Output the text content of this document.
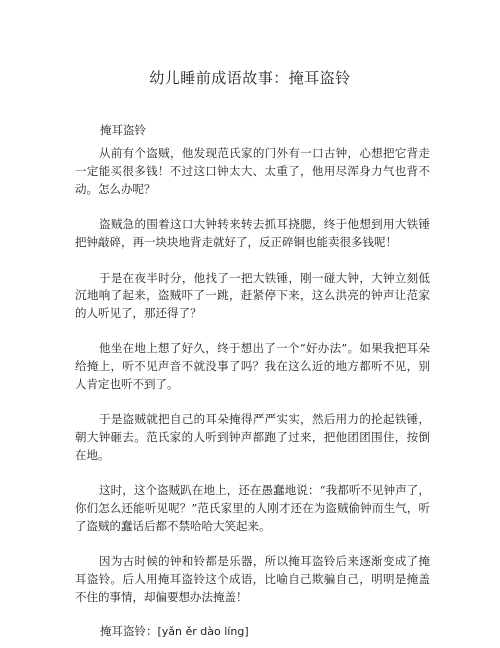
幼儿睡前成语故事：掩耳盗铃
掩耳盗铃

从前有个盗贼，他发现范氏家的门外有一口古钟，心想把它背走一定能买很多钱！不过这口钟太大、太重了，他用尽浑身力气也背不动。怎么办呢？

盗贼急的围着这口大钟转来转去抓耳挠腮，终于他想到用大铁锤把钟敲碎，再一块块地背走就好了，反正碎铜也能卖很多钱呢！

于是在夜半时分，他找了一把大铁锤，刚一碰大钟，大钟立刻低沉地响了起来，盗贼吓了一跳，赶紧停下来，这么洪亮的钟声让范家的人听见了，那还得了？

他坐在地上想了好久，终于想出了一个“好办法”。如果我把耳朵给掩上，听不见声音不就没事了吗？我在这么近的地方都听不见，别人肯定也听不到了。

于是盗贼就把自己的耳朵掩得严严实实，然后用力的抡起铁锤，朝大钟砸去。范氏家的人听到钟声都跑了过来，把他团团围住，按倒在地。

这时，这个盗贼趴在地上，还在愚蠢地说：“我都听不见钟声了，你们怎么还能听见呢？”范氏家里的人刚才还在为盗贼偷钟而生气，听了盗贼的蠢话后都不禁哈哈大笑起来。

因为古时候的钟和铃都是乐器，所以掩耳盗铃后来逐渐变成了掩耳盗铃。后人用掩耳盗铃这个成语，比喻自己欺骗自己，明明是掩盖不住的事情，却偏要想办法掩盖！

掩耳盗铃：[yǎn ěr dào líng]
